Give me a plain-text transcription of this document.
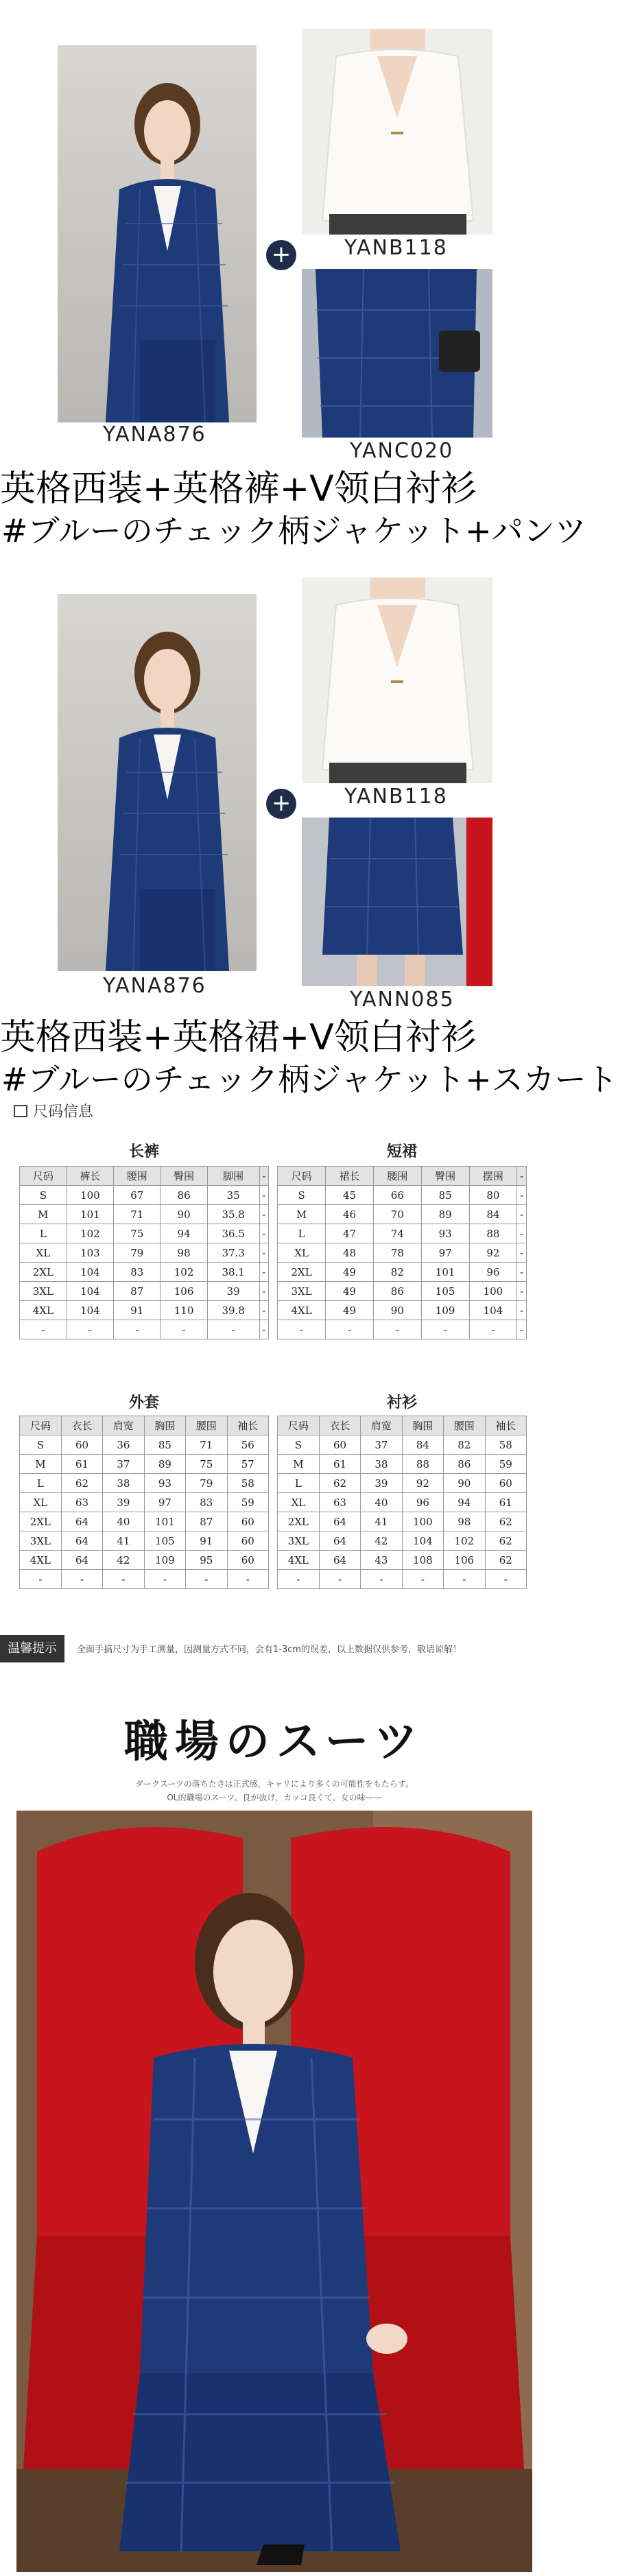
YANA876
+	YANB118
YANC020
英格西装+英格裤+V领白衬衫
#ブルーのチェック柄ジャケット+パンツ
YANA876
+	YANB118
YANN085
英格西装+英格裙+V领白衬衫
#ブルーのチェック柄ジャケット+スカート
尺码信息
长裤
尺码	裤长	腰围	臀围	脚围	-
S	100	67	86	35	-
M	101	71	90	35.8	-
L	102	75	94	36.5	-
XL	103	79	98	37.3	-
2XL	104	83	102	38.1	-
3XL	104	87	106	39	-
4XL	104	91	110	39.8	-
-	-	-	-	-	-
短裙
尺码	裙长	腰围	臀围	摆围	-
S	45	66	85	80	-
M	46	70	89	84	-
L	47	74	93	88	-
XL	48	78	97	92	-
2XL	49	82	101	96	-
3XL	49	86	105	100	-
4XL	49	90	109	104	-
-	-	-	-	-	-
外套
尺码	衣长	肩宽	胸围	腰围	袖长
S	60	36	85	71	56
M	61	37	89	75	57
L	62	38	93	79	58
XL	63	39	97	83	59
2XL	64	40	101	87	60
3XL	64	41	105	91	60
4XL	64	42	109	95	60
-	-	-	-	-	-
衬衫
尺码	衣长	肩宽	胸围	腰围	袖长
S	60	37	84	82	58
M	61	38	88	86	59
L	62	39	92	90	60
XL	63	40	96	94	61
2XL	64	41	100	98	62
3XL	64	42	104	102	62
4XL	64	43	108	106	62
-	-	-	-	-	-
温馨提示	全面手搞尺寸为手工测量，因测量方式不同，会有1-3cm的误差，以上数据仅供参考，敬请谅解！
職場のスーツ
ダークスーツの落ちたさは正式感，キャリにより多くの可能性をもたらす。
OL的職場のスーツ、良が抜け，カッコ良くて、女の味——
